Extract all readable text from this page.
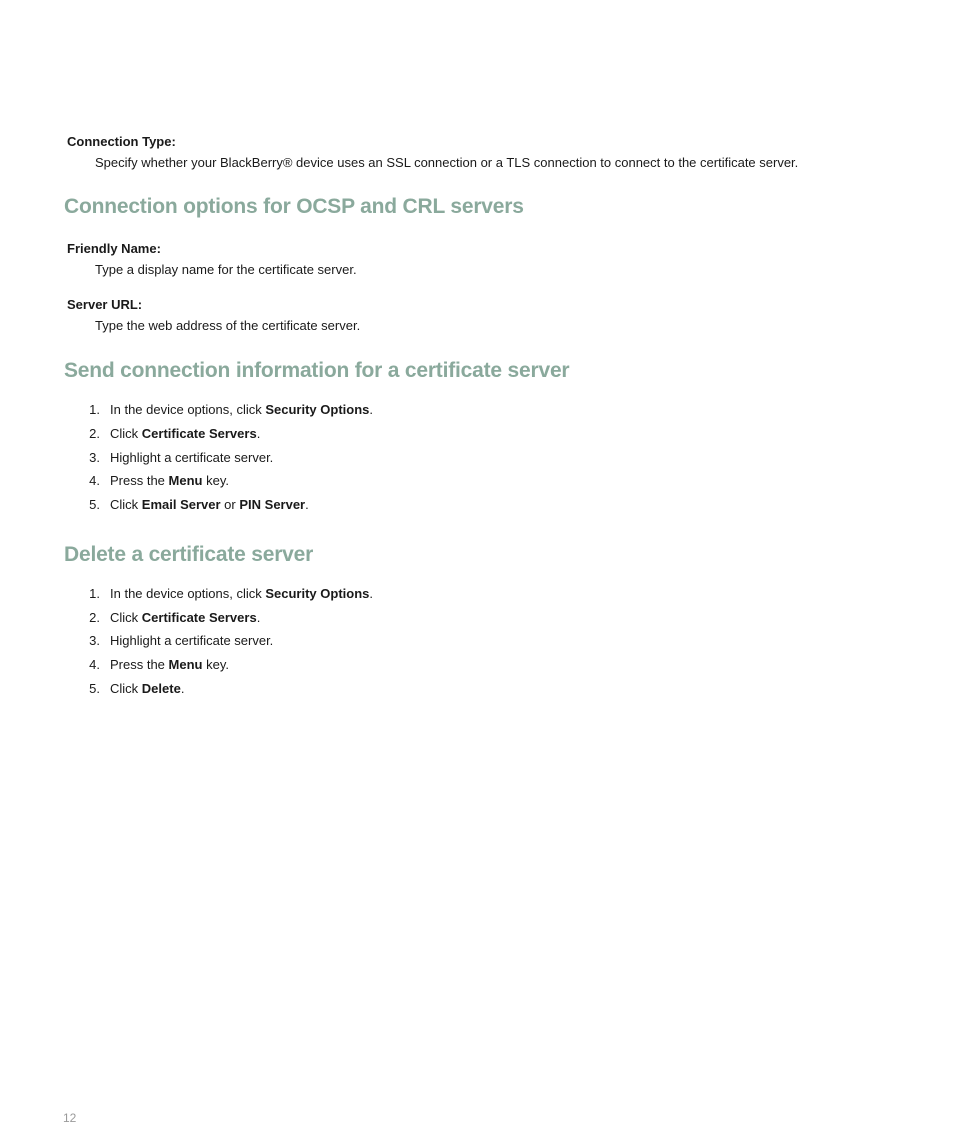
Connection Type:
Specify whether your BlackBerry® device uses an SSL connection or a TLS connection to connect to the certificate server.
Connection options for OCSP and CRL servers
Friendly Name:
Type a display name for the certificate server.
Server URL:
Type the web address of the certificate server.
Send connection information for a certificate server
1. In the device options, click Security Options.
2. Click Certificate Servers.
3. Highlight a certificate server.
4. Press the Menu key.
5. Click Email Server or PIN Server.
Delete a certificate server
1. In the device options, click Security Options.
2. Click Certificate Servers.
3. Highlight a certificate server.
4. Press the Menu key.
5. Click Delete.
12
